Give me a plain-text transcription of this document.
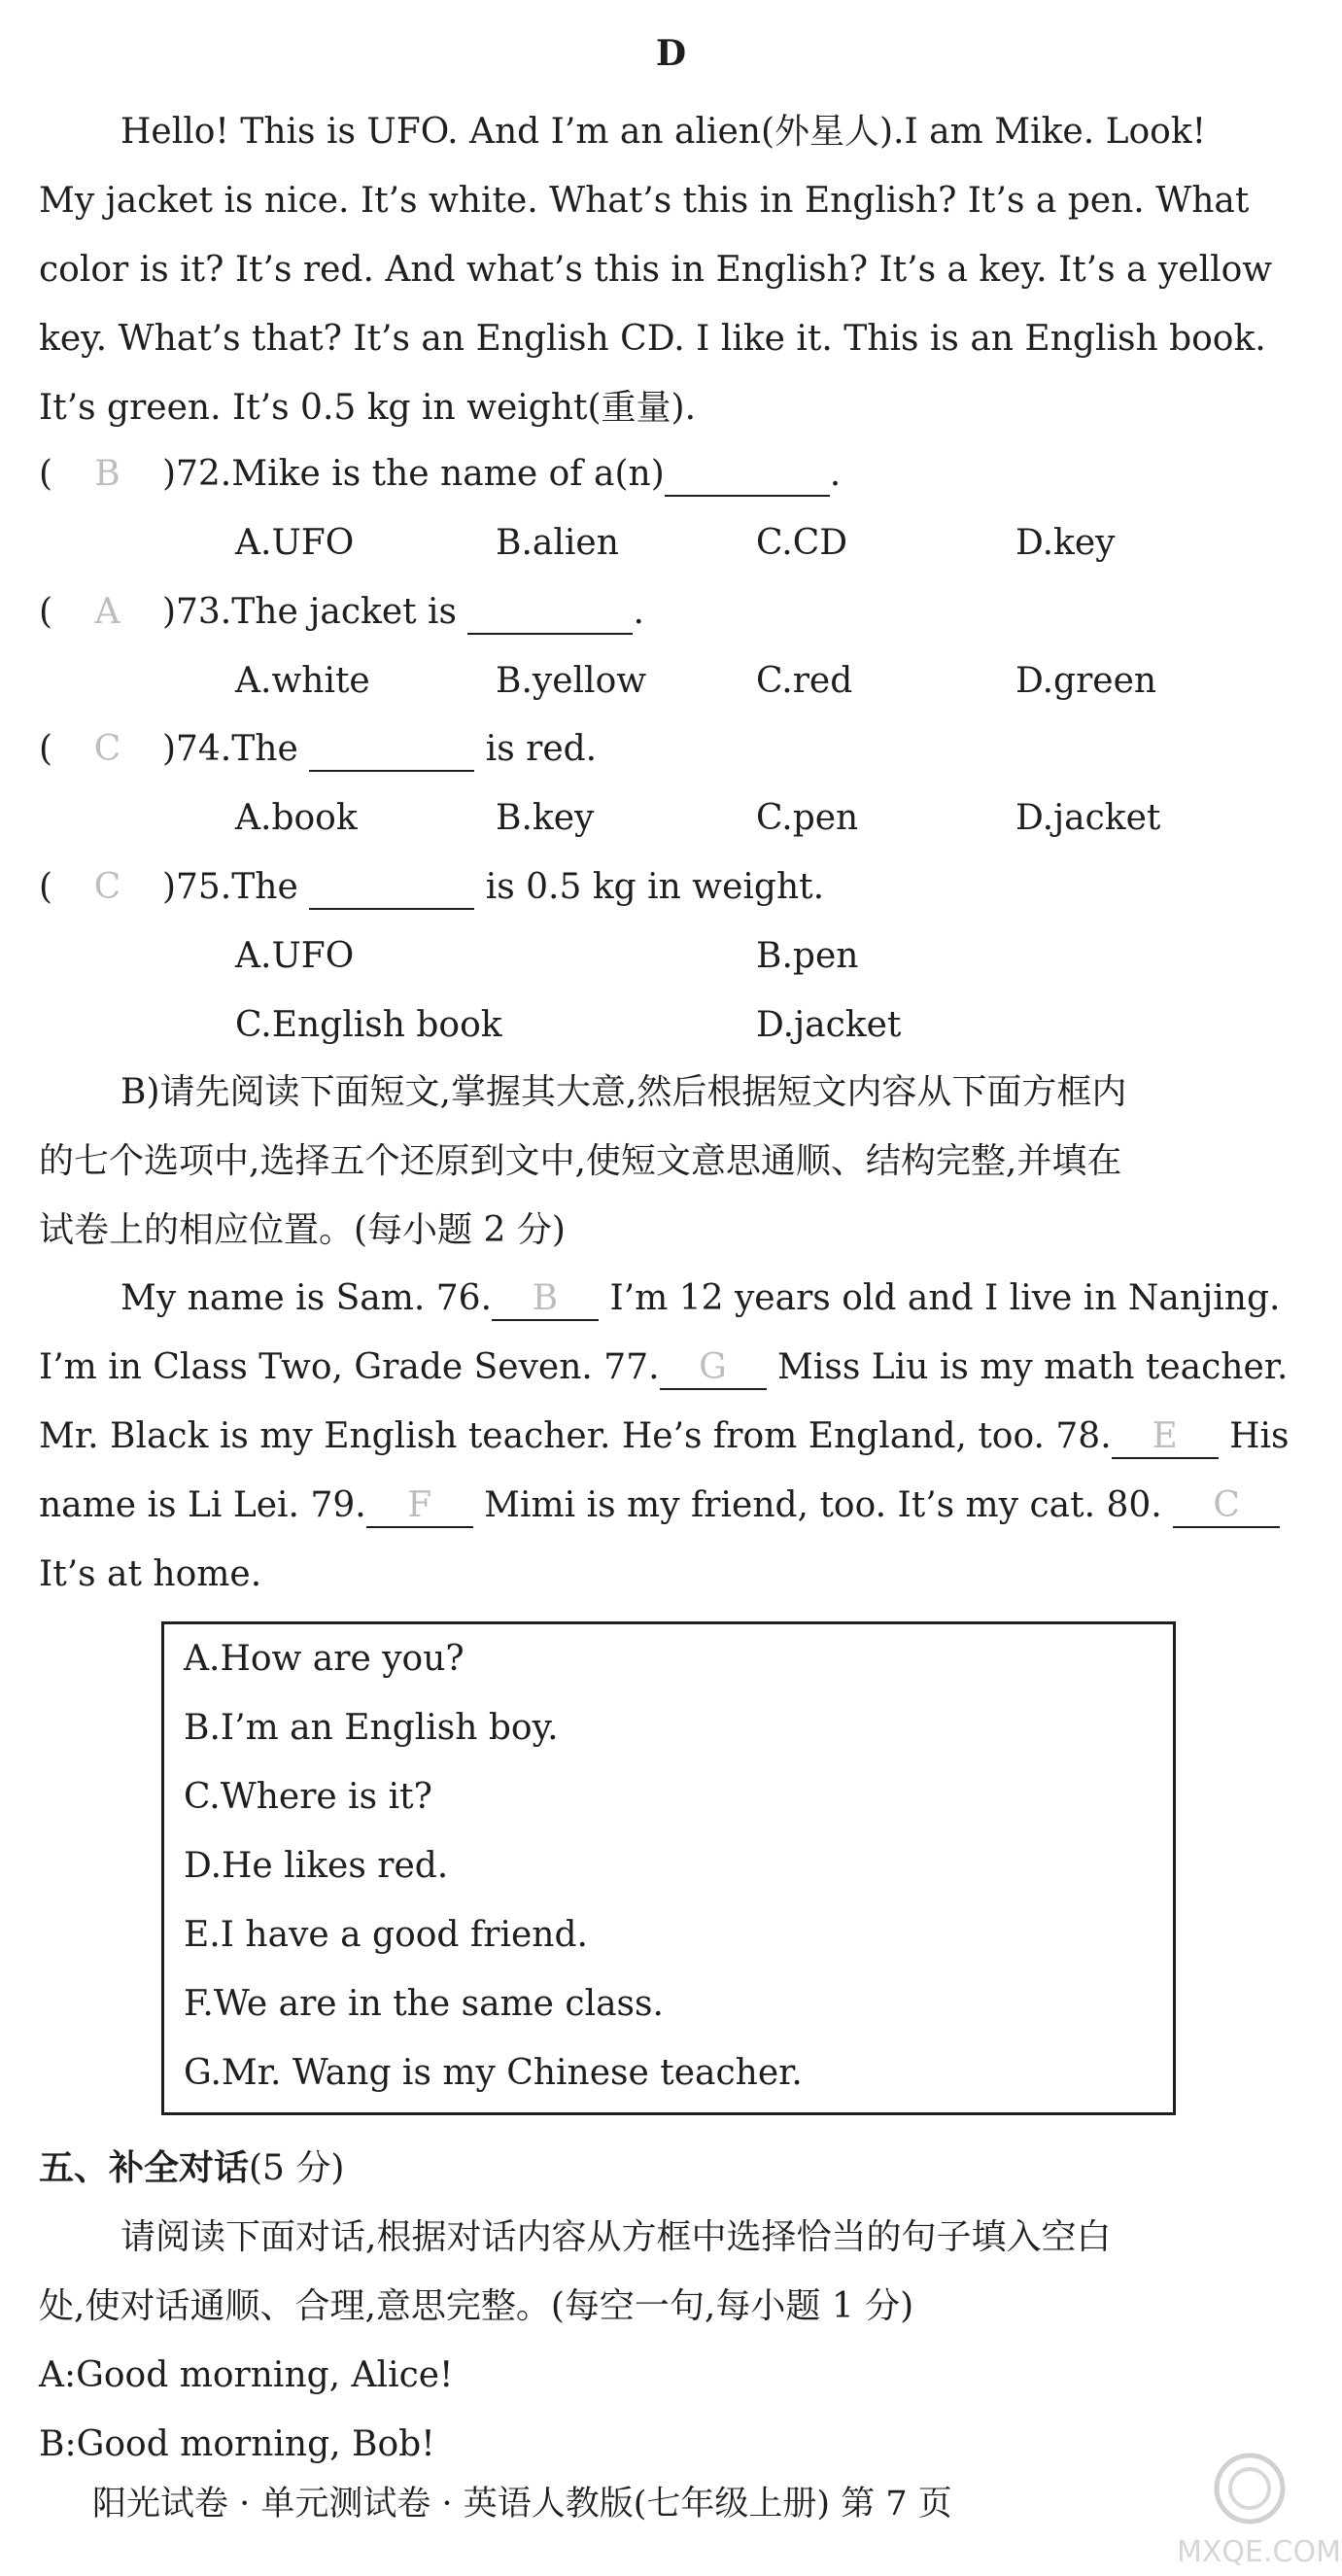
D
Hello! This is UFO. And I’m an alien(外星人).I am Mike. Look!
My jacket is nice. It’s white. What’s this in English? It’s a pen. What
color is it? It’s red. And what’s this in English? It’s a key. It’s a yellow
key. What’s that? It’s an English CD. I like it. This is an English book.
It’s green. It’s 0.5 kg in weight(重量).
( B )72.Mike is the name of a(n)	.
A.UFO	B.alien	C.CD	D.key
( A )73.The jacket is	.
A.white	B.yellow	C.red	D.green
( C )74.The	is red.
A.book	B.key	C.pen	D.jacket
( C )75.The	is 0.5 kg in weight.
A.UFO	B.pen
C.English book	D.jacket
B)请先阅读下面短文,掌握其大意,然后根据短文内容从下面方框内
的七个选项中,选择五个还原到文中,使短文意思通顺、结构完整,并填在
试卷上的相应位置。(每小题 2 分)
My name is Sam. 76. B I’m 12 years old and I live in Nanjing.
I’m in Class Two, Grade Seven. 77. G Miss Liu is my math teacher.
Mr. Black is my English teacher. He’s from England, too. 78. E His
name is Li Lei. 79. F Mimi is my friend, too. It’s my cat. 80. C
It’s at home.
A.How are you?
B.I’m an English boy.
C.Where is it?
D.He likes red.
E.I have a good friend.
F.We are in the same class.
G.Mr. Wang is my Chinese teacher.
五、补全对话(5 分)
请阅读下面对话,根据对话内容从方框中选择恰当的句子填入空白
处,使对话通顺、合理,意思完整。(每空一句,每小题 1 分)
A:Good morning, Alice!
B:Good morning, Bob!
阳光试卷 · 单元测试卷 · 英语人教版(七年级上册) 第 7 页
MXQE.COM
